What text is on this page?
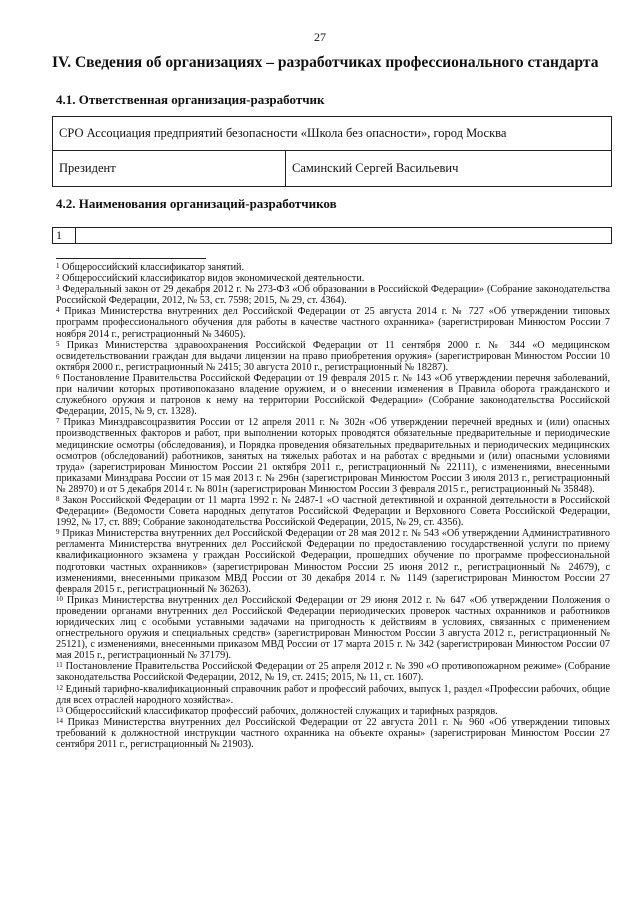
27
IV. Сведения об организациях – разработчиках профессионального стандарта
4.1. Ответственная организация-разработчик
СРО Ассоциация предприятий безопасности «Школа без опасности», город Москва
Президент	Саминский Сергей Васильевич
4.2. Наименования организаций-разработчиков
1	

$^1$ Общероссийский классификатор занятий.

$^2$ Общероссийский классификатор видов экономической деятельности.

$^3$ Федеральный закон от 29 декабря 2012 г. № 273-ФЗ «Об образовании в Российской Федерации» (Собрание законодательства Российской Федерации, 2012, № 53, ст. 7598; 2015, № 29, ст. 4364).

$^4$ Приказ Министерства внутренних дел Российской Федерации от 25 августа 2014 г. № 727 «Об утверждении типовых программ профессионального обучения для работы в качестве частного охранника» (зарегистрирован Минюстом России 7 ноября 2014 г., регистрационный № 34605).

$^5$ Приказ Министерства здравоохранения Российской Федерации от 11 сентября 2000 г. № 344 «О медицинском освидетельствовании граждан для выдачи лицензии на право приобретения оружия» (зарегистрирован Минюстом России 10 октября 2000 г., регистрационный № 2415; 30 августа 2010 г., регистрационный № 18287).

$^6$ Постановление Правительства Российской Федерации от 19 февраля 2015 г. № 143 «Об утверждении перечня заболеваний, при наличии которых противопоказано владение оружием, и о внесении изменения в Правила оборота гражданского и служебного оружия и патронов к нему на территории Российской Федерации» (Собрание законодательства Российской Федерации, 2015, № 9, ст. 1328).

$^7$ Приказ Минздравсоцразвития России от 12 апреля 2011 г. № 302н «Об утверждении перечней вредных и (или) опасных производственных факторов и работ, при выполнении которых проводятся обязательные предварительные и периодические медицинские осмотры (обследования), и Порядка проведения обязательных предварительных и периодических медицинских осмотров (обследований) работников, занятых на тяжелых работах и на работах с вредными и (или) опасными условиями труда» (зарегистрирован Минюстом России 21 октября 2011 г., регистрационный № 22111), с изменениями, внесенными приказами Минздрава России от 15 мая 2013 г. № 296н (зарегистрирован Минюстом России 3 июля 2013 г., регистрационный № 28970) и от 5 декабря 2014 г. № 801н (зарегистрирован Минюстом России 3 февраля 2015 г., регистрационный № 35848).

$^8$ Закон Российской Федерации от 11 марта 1992 г. № 2487-1 «О частной детективной и охранной деятельности в Российской Федерации» (Ведомости Совета народных депутатов Российской Федерации и Верховного Совета Российской Федерации, 1992, № 17, ст. 889; Собрание законодательства Российской Федерации, 2015, № 29, ст. 4356).

$^9$ Приказ Министерства внутренних дел Российской Федерации от 28 мая 2012 г. № 543 «Об утверждении Административного регламента Министерства внутренних дел Российской Федерации по предоставлению государственной услуги по приему квалификационного экзамена у граждан Российской Федерации, прошедших обучение по программе профессиональной подготовки частных охранников» (зарегистрирован Минюстом России 25 июня 2012 г., регистрационный № 24679), с изменениями, внесенными приказом МВД России от 30 декабря 2014 г. № 1149 (зарегистрирован Минюстом России 27 февраля 2015 г., регистрационный № 36263).

$^{10}$ Приказ Министерства внутренних дел Российской Федерации от 29 июня 2012 г. № 647 «Об утверждении Положения о проведении органами внутренних дел Российской Федерации периодических проверок частных охранников и работников юридических лиц с особыми уставными задачами на пригодность к действиям в условиях, связанных с применением огнестрельного оружия и специальных средств» (зарегистрирован Минюстом России 3 августа 2012 г., регистрационный № 25121), с изменениями, внесенными приказом МВД России от 17 марта 2015 г. № 342 (зарегистрирован Минюстом России 07 мая 2015 г., регистрационный № 37179).

$^{11}$ Постановление Правительства Российской Федерации от 25 апреля 2012 г. № 390 «О противопожарном режиме» (Собрание законодательства Российской Федерации, 2012, № 19, ст. 2415; 2015, № 11, ст. 1607).

$^{12}$ Единый тарифно-квалификационный справочник работ и профессий рабочих, выпуск 1, раздел «Профессии рабочих, общие для всех отраслей народного хозяйства».

$^{13}$ Общероссийский классификатор профессий рабочих, должностей служащих и тарифных разрядов.

$^{14}$ Приказ Министерства внутренних дел Российской Федерации от 22 августа 2011 г. № 960 «Об утверждении типовых требований к должностной инструкции частного охранника на объекте охраны» (зарегистрирован Минюстом России 27 сентября 2011 г., регистрационный № 21903).
